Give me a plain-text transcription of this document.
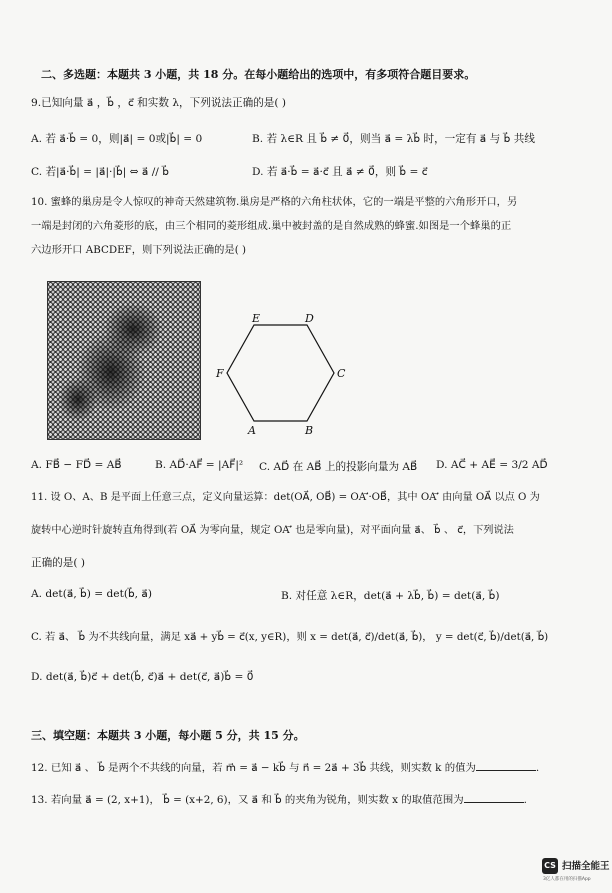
二、多选题：本题共 3 小题，共 18 分。在每小题给出的选项中，有多项符合题目要求。
9.已知向量 a⃗ ，b⃗ ，c⃗ 和实数 λ，下列说法正确的是( )
A. 若 a⃗·b⃗ = 0，则|a⃗| = 0或|b⃗| = 0	B. 若 λ∈R 且 b⃗ ≠ 0⃗，则当 a⃗ = λb⃗ 时，一定有 a⃗ 与 b⃗ 共线
C. 若|a⃗·b⃗| = |a⃗|·|b⃗| ⇔ a⃗ // b⃗	D. 若 a⃗·b⃗ = a⃗·c⃗ 且 a⃗ ≠ 0⃗，则 b⃗ = c⃗
10. 蜜蜂的巢房是令人惊叹的神奇天然建筑物.巢房是严格的六角柱状体，它的一端是平整的六角形开口，另
一端是封闭的六角菱形的底，由三个相同的菱形组成.巢中被封盖的是自然成熟的蜂蜜.如图是一个蜂巢的正
六边形开口 ABCDEF，则下列说法正确的是( )
A	B
C
D
E
F
A. FB⃗ − FD⃗ = AB⃗	B. AD⃗·AF⃗ = |AF⃗|² C. AD⃗ 在 AB⃗ 上的投影向量为 AB⃗ D. AC⃗ + AE⃗ = 3/2 AD⃗
11. 设 O、A、B 是平面上任意三点，定义向量运算：det(OA⃗, OB⃗) = OA′⃗·OB⃗，其中 OA′⃗ 由向量 OA⃗ 以点 O 为
旋转中心逆时针旋转直角得到(若 OA⃗ 为零向量，规定 OA′⃗ 也是零向量)，对平面向量 a⃗、 b⃗ 、 c⃗，下列说法
正确的是( )
A. det(a⃗, b⃗) = det(b⃗, a⃗)	B. 对任意 λ∈R，det(a⃗ + λb⃗, b⃗) = det(a⃗, b⃗)
C. 若 a⃗、 b⃗ 为不共线向量，满足 xa⃗ + yb⃗ = c⃗(x, y∈R)，则 x = det(a⃗, c⃗)/det(a⃗, b⃗)， y = det(c⃗, b⃗)/det(a⃗, b⃗)
D. det(a⃗, b⃗)c⃗ + det(b⃗, c⃗)a⃗ + det(c⃗, a⃗)b⃗ = 0⃗
三、填空题：本题共 3 小题，每小题 5 分，共 15 分。
12. 已知 a⃗ 、 b⃗ 是两个不共线的向量，若 m⃗ = a⃗ − kb⃗ 与 n⃗ = 2a⃗ + 3b⃗ 共线，则实数 k 的值为	.
13. 若向量 a⃗ = (2, x+1)， b⃗ = (x+2, 6)，又 a⃗ 和 b⃗ 的夹角为锐角，则实数 x 的取值范围为	.
CS 扫描全能王
3亿人都在用的扫描App
